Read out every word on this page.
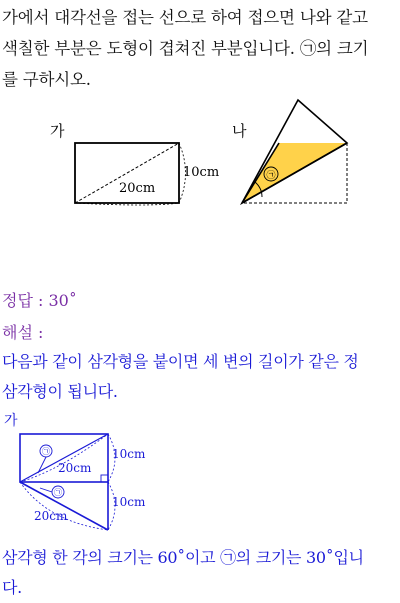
가에서 대각선을 접는 선으로 하여 접으면 나와 같고
색칠한 부분은 도형이 겹쳐진 부분입니다. ㉠의 크기
를 구하시오.
가
20cm
10cm
나
㉠
정답 : 30˚
해설 :
다음과 같이 삼각형을 붙이면 세 변의 길이가 같은 정
삼각형이 됩니다.
가
㉠
㉠
20cm
20cm
10cm
10cm
삼각형 한 각의 크기는 60˚이고 ㉠의 크기는 30˚입니
다.
